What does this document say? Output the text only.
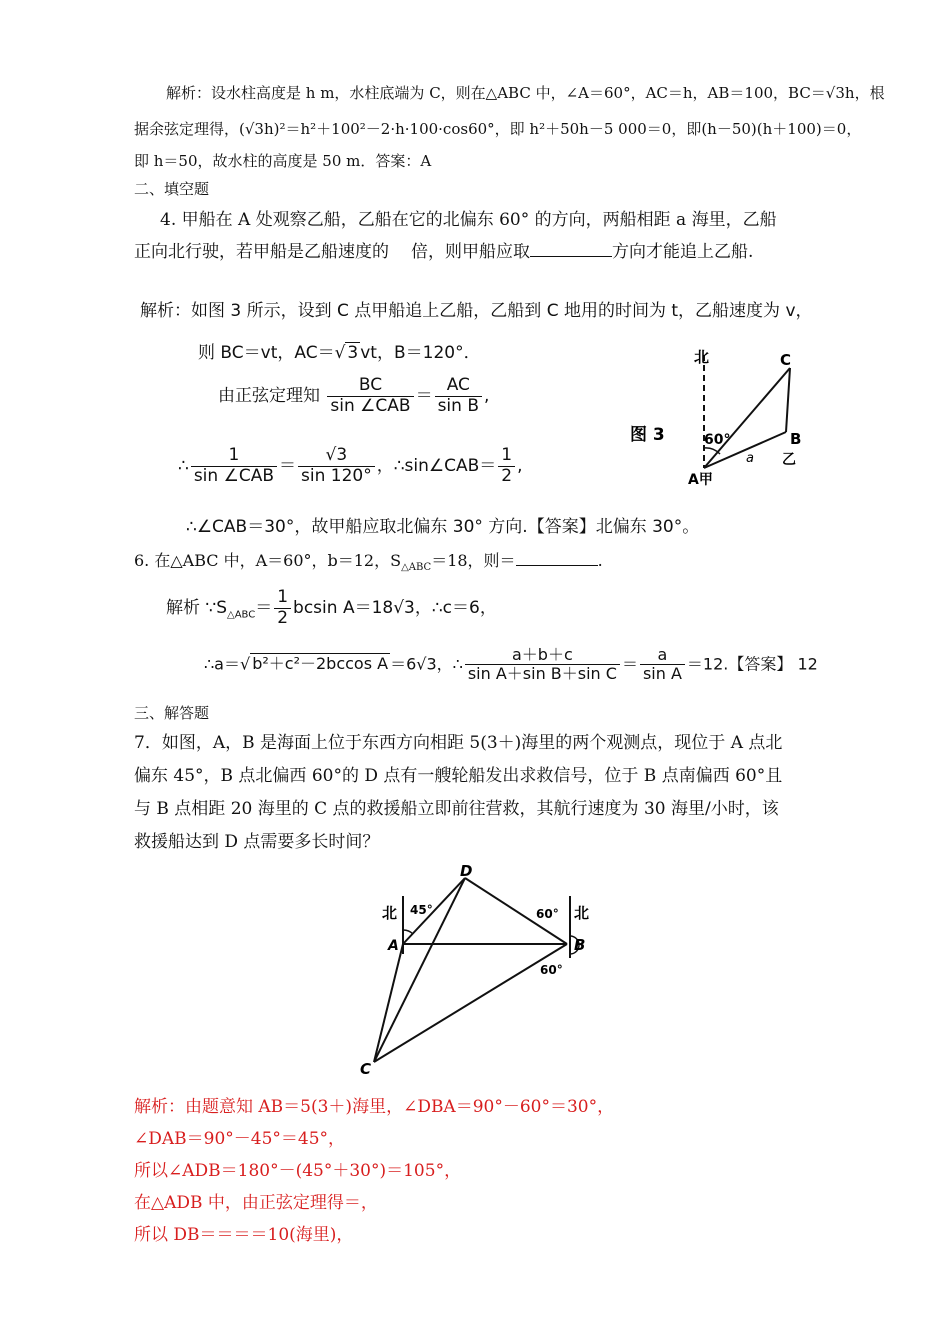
解析：设水柱高度是 h m，水柱底端为 C，则在△ABC 中，∠A＝60°，AC＝h，AB＝100，BC＝√3h，根
据余弦定理得，(√3h)²＝h²＋100²－2·h·100·cos60°，即 h²＋50h－5 000＝0，即(h－50)(h＋100)＝0，
即 h＝50，故水柱的高度是 50 m．答案：A
二、填空题
4. 甲船在 A 处观察乙船，乙船在它的北偏东 60° 的方向，两船相距 a 海里，乙船
正向北行驶，若甲船是乙船速度的 倍，则甲船应取	方向才能追上乙船.
解析：如图 3 所示，设到 C 点甲船追上乙船，乙船到 C 地用的时间为 t，乙船速度为 v，
则 BC＝vt，AC＝√ 3 vt，B＝120°．
由正弦定理知 $\frac{BC}{\text{sin ∠CAB}} = \frac{AC}{\text{sin B}}$ ,
∴ $\frac{1}{\text{sin ∠CAB}} = \frac{√3}{\sin 120^\circ}$ ，∴sin∠CAB＝ $\frac{1}{2}$ ,
∴∠CAB＝30°，故甲船应取北偏东 30° 方向.【答案】北偏东 30°。
北	C
B
乙
a
60°
A甲
图 3
6. 在△ABC 中，A＝60°，b＝12，$S_{\triangle ABC}=18$，则＝	.
解析 $\because S_{\triangle ABC}= \frac{1}{2}$ bcsin A＝18√3，∴c＝6，
∴a＝√ b²＋c²－2bccos A ＝6√3，∴ $\frac{a+b+c}{\text{sin A＋sin B＋sin C}} = \frac{a}{\text{sin A}} =12$.【答案】 12
三、解答题
7．如图，A，B 是海面上位于东西方向相距 5(3＋)海里的两个观测点，现位于 A 点北
偏东 45°，B 点北偏西 60°的 D 点有一艘轮船发出求救信号，位于 B 点南偏西 60°且
与 B 点相距 20 海里的 C 点的救援船立即前往营救，其航行速度为 30 海里/小时，该
救援船达到 D 点需要多长时间？
D
A	B
C
北	北
45°	60°
60°
解析：由题意知 AB＝5(3＋)海里，∠DBA＝90°－60°＝30°，
∠DAB＝90°－45°＝45°，
所以∠ADB＝180°－(45°＋30°)＝105°，
在△ADB 中，由正弦定理得＝，
所以 DB＝＝＝＝10(海里)，
